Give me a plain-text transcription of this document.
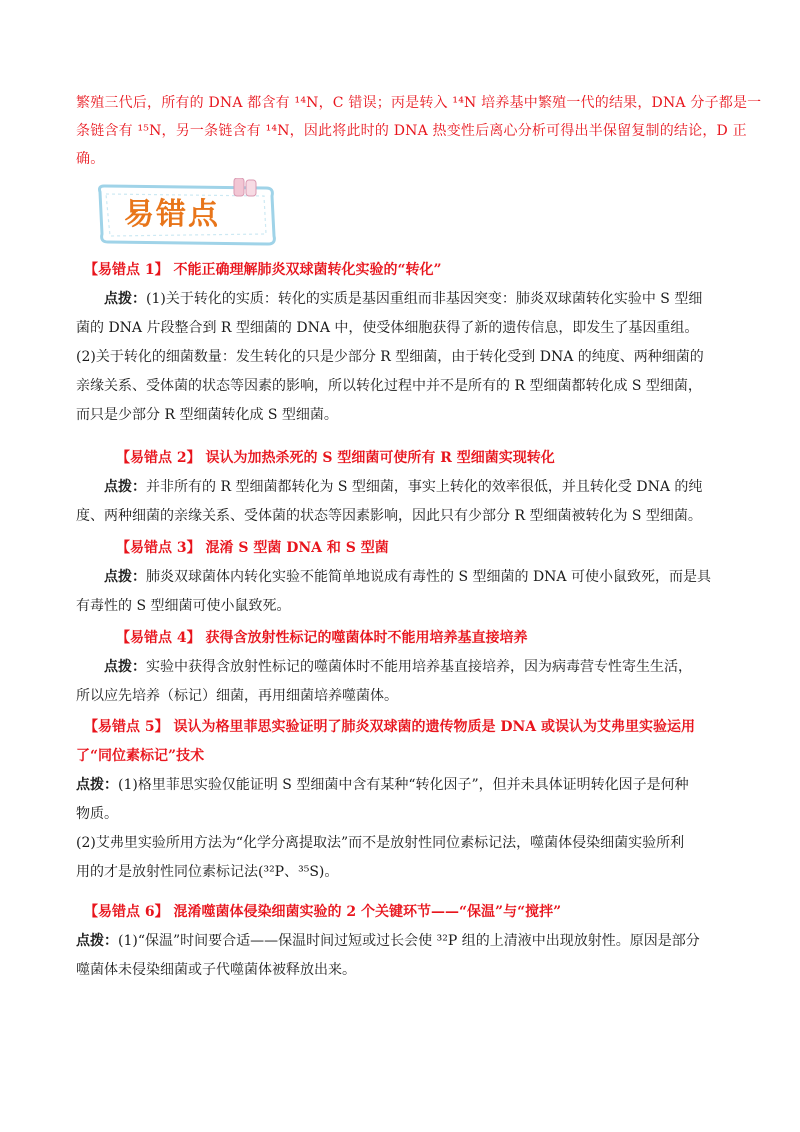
繁殖三代后，所有的 DNA 都含有 ¹⁴N，C 错误；丙是转入 ¹⁴N 培养基中繁殖一代的结果，DNA 分子都是一

条链含有 ¹⁵N，另一条链含有 ¹⁴N，因此将此时的 DNA 热变性后离心分析可得出半保留复制的结论，D 正

确。

易错点
【易错点 1】 不能正确理解肺炎双球菌转化实验的“转化”
点拨：(1)关于转化的实质：转化的实质是基因重组而非基因突变：肺炎双球菌转化实验中 S 型细
菌的 DNA 片段整合到 R 型细菌的 DNA 中，使受体细胞获得了新的遗传信息，即发生了基因重组。
(2)关于转化的细菌数量：发生转化的只是少部分 R 型细菌，由于转化受到 DNA 的纯度、两种细菌的
亲缘关系、受体菌的状态等因素的影响，所以转化过程中并不是所有的 R 型细菌都转化成 S 型细菌，
而只是少部分 R 型细菌转化成 S 型细菌。
【易错点 2】 误认为加热杀死的 S 型细菌可使所有 R 型细菌实现转化
点拨：并非所有的 R 型细菌都转化为 S 型细菌，事实上转化的效率很低，并且转化受 DNA 的纯
度、两种细菌的亲缘关系、受体菌的状态等因素影响，因此只有少部分 R 型细菌被转化为 S 型细菌。
【易错点 3】 混淆 S 型菌 DNA 和 S 型菌
点拨：肺炎双球菌体内转化实验不能简单地说成有毒性的 S 型细菌的 DNA 可使小鼠致死，而是具
有毒性的 S 型细菌可使小鼠致死。
【易错点 4】 获得含放射性标记的噬菌体时不能用培养基直接培养
点拨：实验中获得含放射性标记的噬菌体时不能用培养基直接培养，因为病毒营专性寄生生活，
所以应先培养（标记）细菌，再用细菌培养噬菌体。
【易错点 5】 误认为格里菲思实验证明了肺炎双球菌的遗传物质是 DNA 或误认为艾弗里实验运用
了“同位素标记”技术
点拨：(1)格里菲思实验仅能证明 S 型细菌中含有某种“转化因子”，但并未具体证明转化因子是何种
物质。
(2)艾弗里实验所用方法为“化学分离提取法”而不是放射性同位素标记法，噬菌体侵染细菌实验所利
用的才是放射性同位素标记法(³²P、³⁵S)。
【易错点 6】 混淆噬菌体侵染细菌实验的 2 个关键环节——“保温”与“搅拌”
点拨：(1)“保温”时间要合适——保温时间过短或过长会使 ³²P 组的上清液中出现放射性。原因是部分
噬菌体未侵染细菌或子代噬菌体被释放出来。
